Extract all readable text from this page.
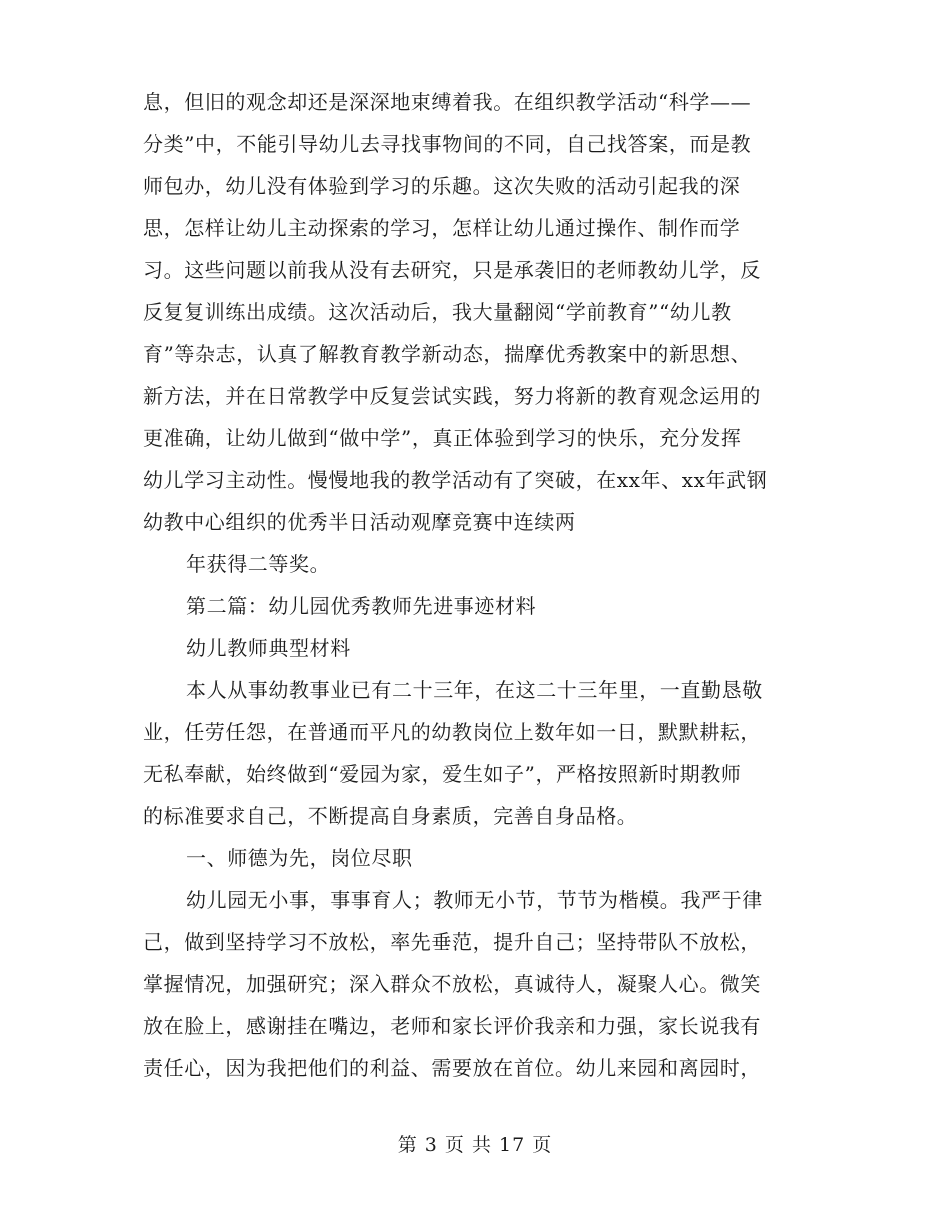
息，但旧的观念却还是深深地束缚着我。在组织教学活动“科学——
分类”中，不能引导幼儿去寻找事物间的不同，自己找答案，而是教
师包办，幼儿没有体验到学习的乐趣。这次失败的活动引起我的深
思，怎样让幼儿主动探索的学习，怎样让幼儿通过操作、制作而学
习。这些问题以前我从没有去研究，只是承袭旧的老师教幼儿学，反
反复复训练出成绩。这次活动后，我大量翻阅“学前教育”“幼儿教
育”等杂志，认真了解教育教学新动态，揣摩优秀教案中的新思想、
新方法，并在日常教学中反复尝试实践，努力将新的教育观念运用的
更准确，让幼儿做到“做中学”，真正体验到学习的快乐，充分发挥
幼儿学习主动性。慢慢地我的教学活动有了突破，在xx年、xx年武钢
幼教中心组织的优秀半日活动观摩竞赛中连续两
年获得二等奖。
第二篇：幼儿园优秀教师先进事迹材料
幼儿教师典型材料
本人从事幼教事业已有二十三年，在这二十三年里，一直勤恳敬
业，任劳任怨，在普通而平凡的幼教岗位上数年如一日，默默耕耘，
无私奉献，始终做到“爱园为家，爱生如子”，严格按照新时期教师
的标准要求自己，不断提高自身素质，完善自身品格。
一、师德为先，岗位尽职
幼儿园无小事，事事育人；教师无小节，节节为楷模。我严于律
己，做到坚持学习不放松，率先垂范，提升自己；坚持带队不放松，
掌握情况，加强研究；深入群众不放松，真诚待人，凝聚人心。微笑
放在脸上，感谢挂在嘴边，老师和家长评价我亲和力强，家长说我有
责任心，因为我把他们的利益、需要放在首位。幼儿来园和离园时，
第 3 页 共 17 页
